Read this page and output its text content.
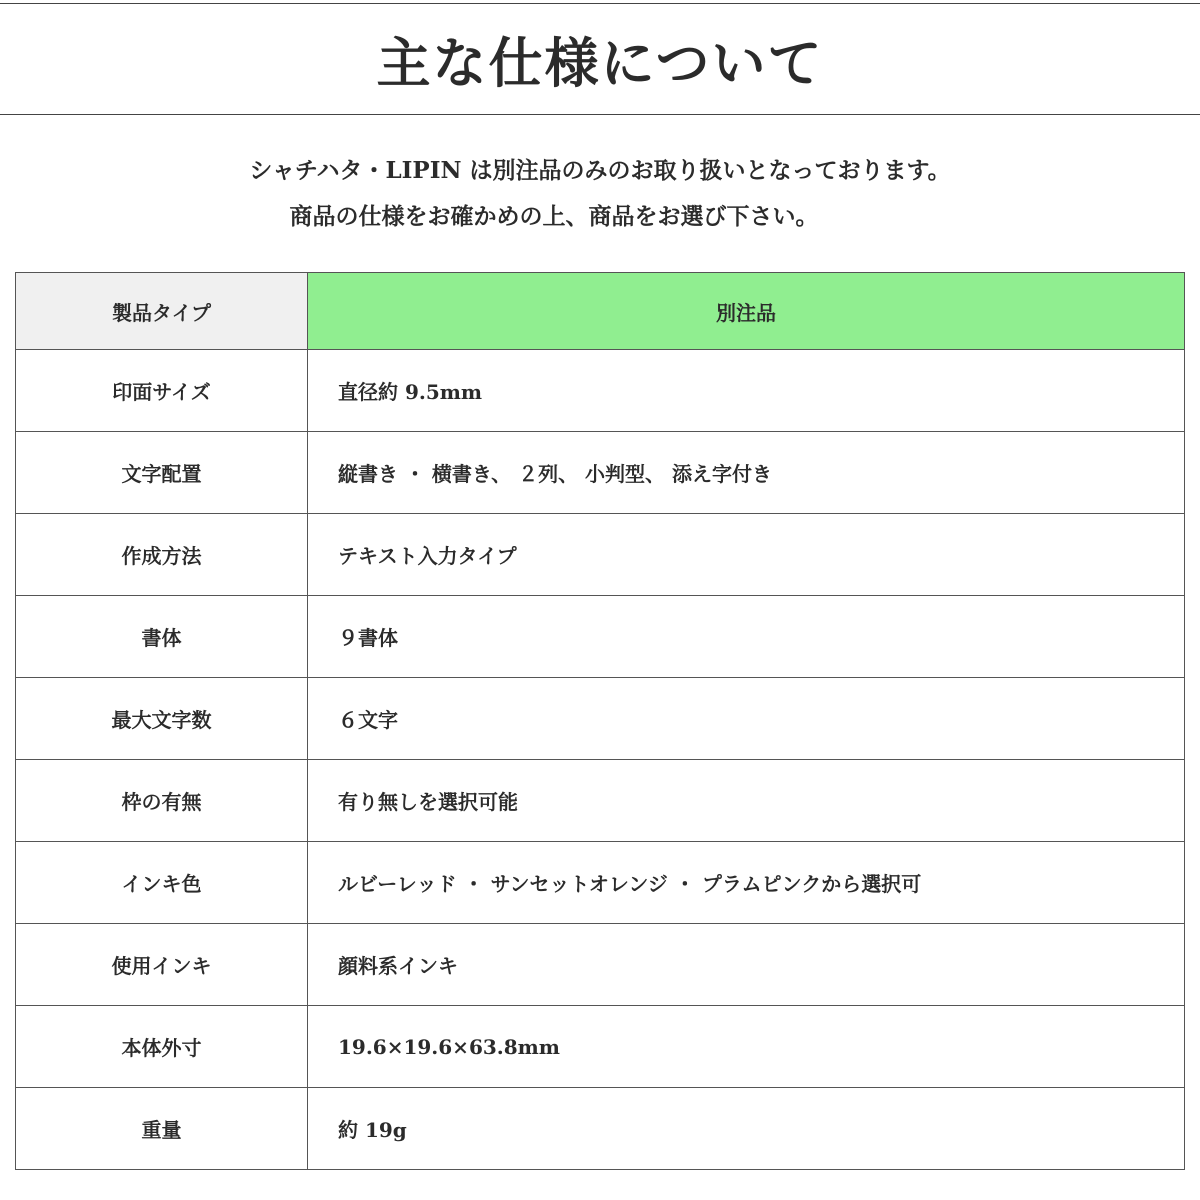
主な仕様について

シャチハタ・LIPIN は別注品のみのお取り扱いとなっております。

商品の仕様をお確かめの上、商品をお選び下さい。

製品タイプ	別注品
印面サイズ	直径約 9.5mm
文字配置	縦書き ・ 横書き、 ２列、 小判型、 添え字付き
作成方法	テキスト入力タイプ
書体	９書体
最大文字数	６文字
枠の有無	有り無しを選択可能
インキ色	ルビーレッド ・ サンセットオレンジ ・ プラムピンクから選択可
使用インキ	顔料系インキ
本体外寸	19.6×19.6×63.8mm
重量	約 19g
